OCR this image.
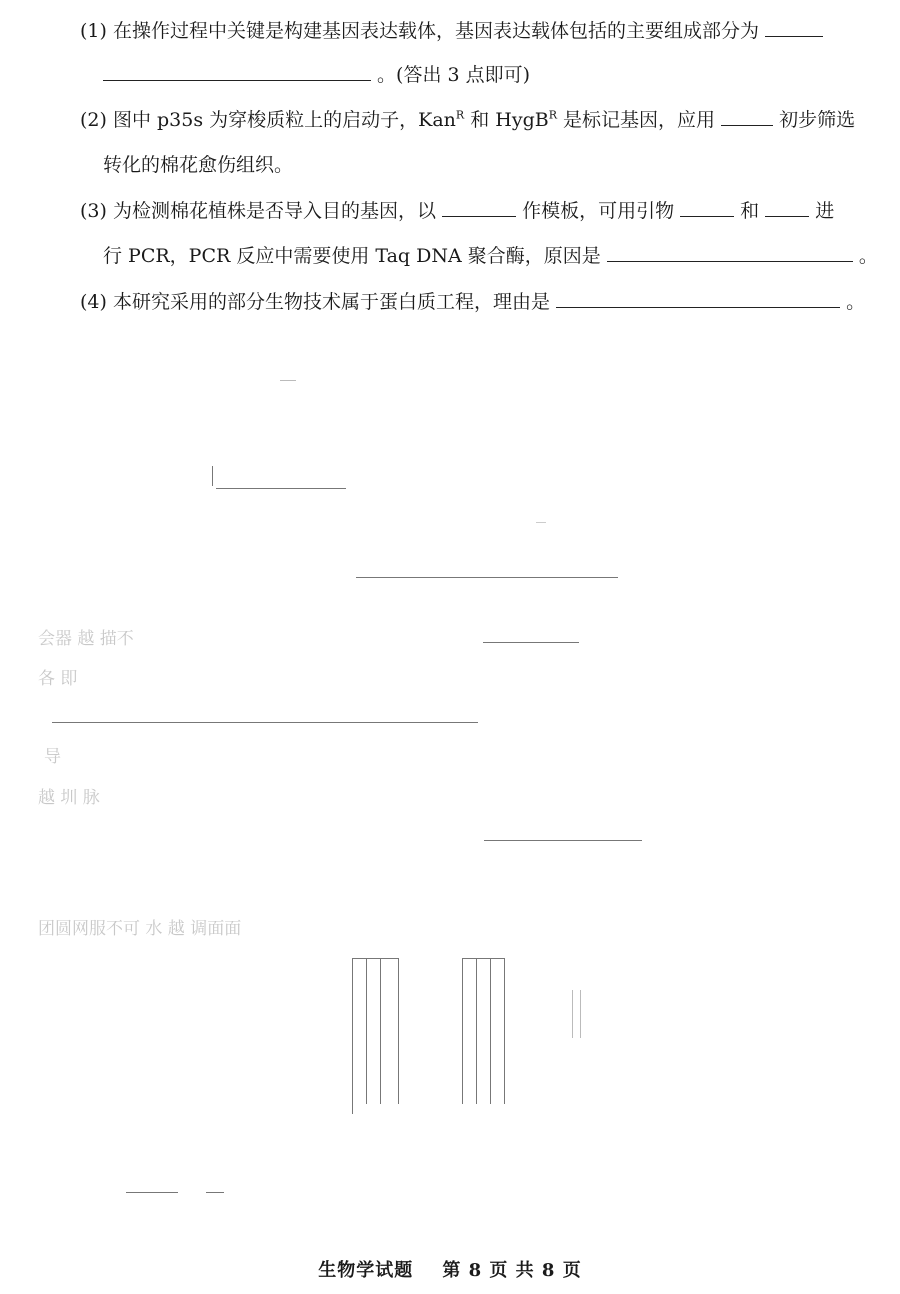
(1) 在操作过程中关键是构建基因表达载体，基因表达载体包括的主要组成部分为
。(答出 3 点即可)
(2) 图中 p35s 为穿梭质粒上的启动子，Kan$^R$ 和 HygB$^R$ 是标记基因，应用	初步筛选
转化的棉花愈伤组织。
(3) 为检测棉花植株是否导入目的基因，以	作模板，可用引物	和	进
行 PCR，PCR 反应中需要使用 Taq DNA 聚合酶，原因是	。
(4) 本研究采用的部分生物技术属于蛋白质工程，理由是	。
会器 越 描不
各 即
导
越 圳 脉
团圆网服不可 水 越 调面面
生物学试题 第 8 页 共 8 页
